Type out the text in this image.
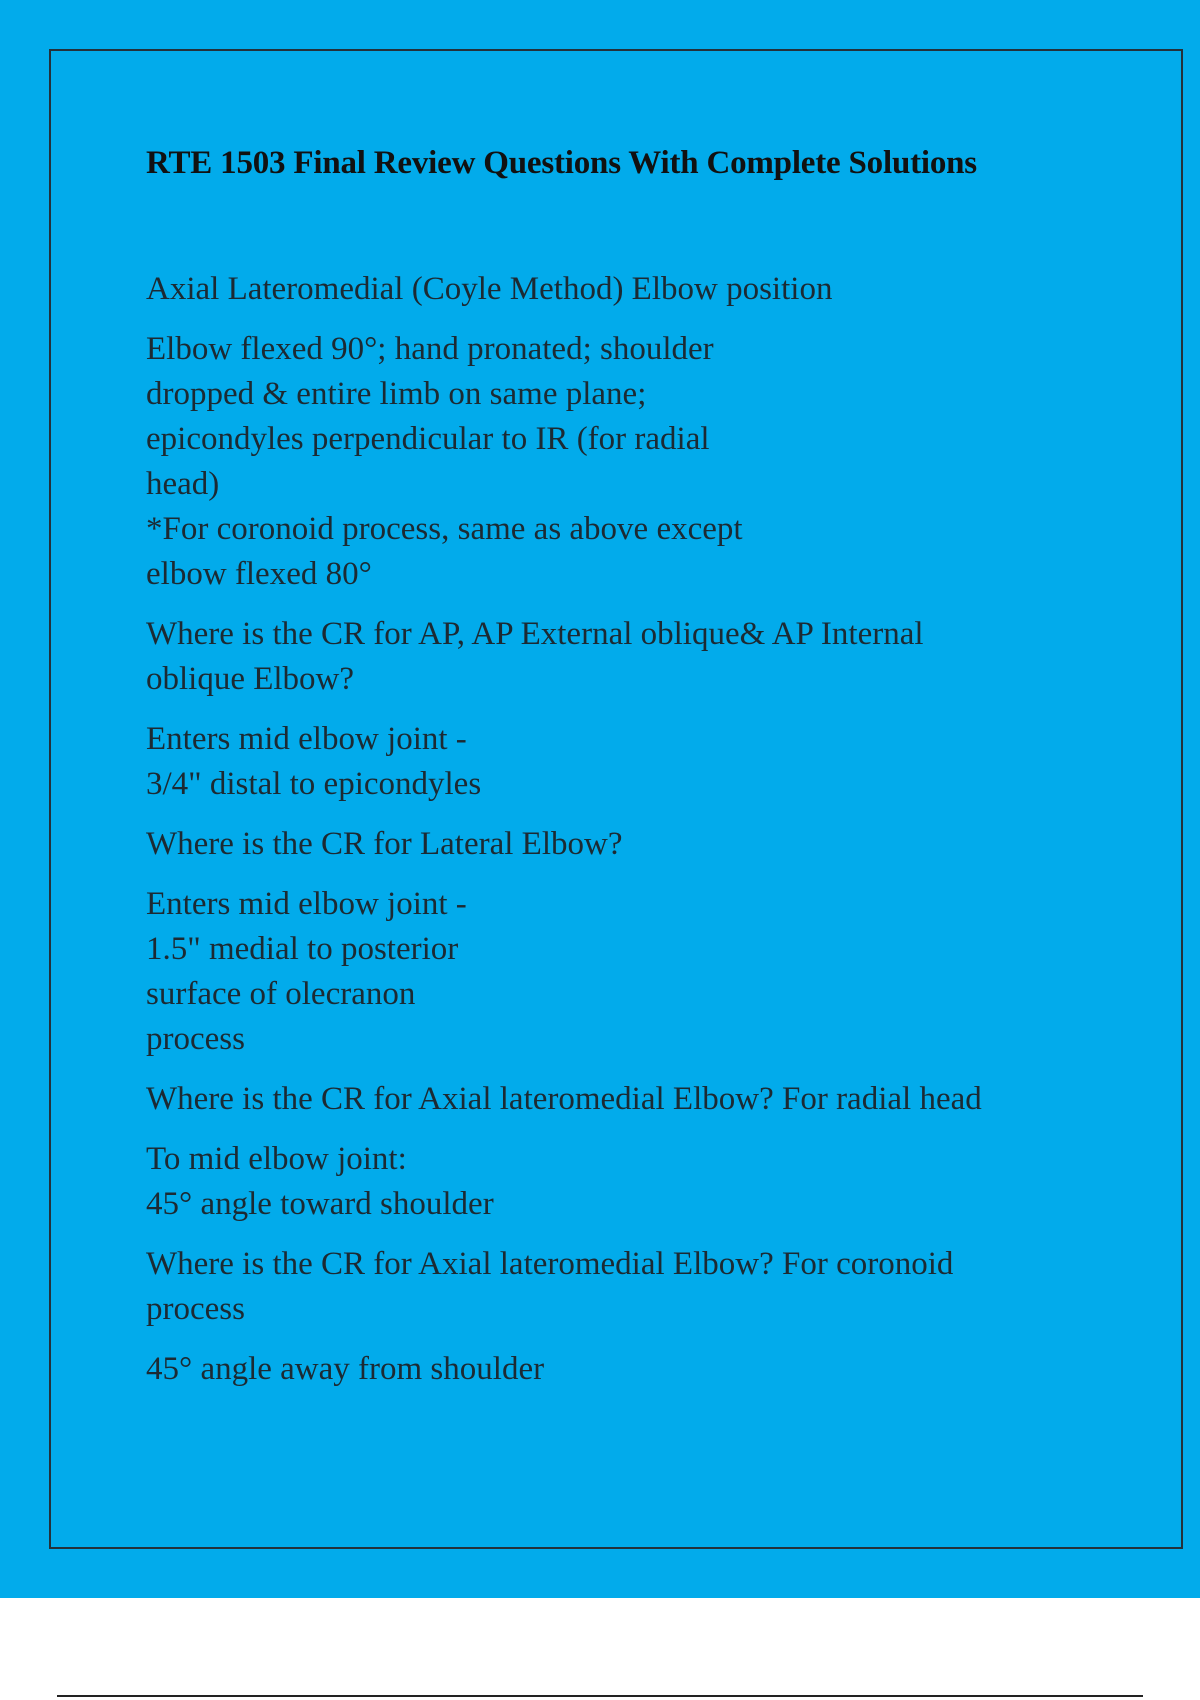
RTE 1503 Final Review Questions With Complete Solutions

Axial Lateromedial (Coyle Method) Elbow position

Elbow flexed 90°; hand pronated; shoulder
dropped & entire limb on same plane;
epicondyles perpendicular to IR (for radial
head)
*For coronoid process, same as above except
elbow flexed 80°

Where is the CR for AP, AP External oblique& AP Internal
oblique Elbow?

Enters mid elbow joint -
3/4" distal to epicondyles

Where is the CR for Lateral Elbow?

Enters mid elbow joint -
1.5" medial to posterior
surface of olecranon
process

Where is the CR for Axial lateromedial Elbow? For radial head

To mid elbow joint:
45° angle toward shoulder

Where is the CR for Axial lateromedial Elbow? For coronoid
process

45° angle away from shoulder
